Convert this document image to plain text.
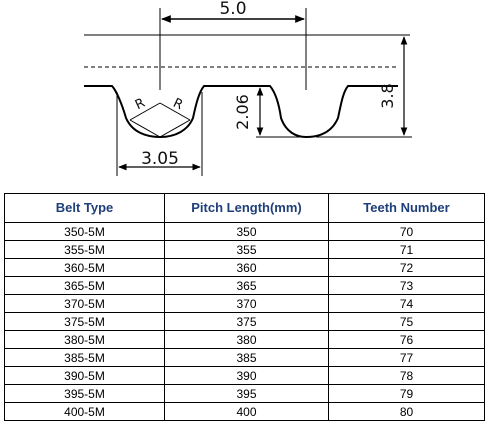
5.0
R R
3.05
2.06	3.8
Belt Type	Pitch Length(mm)	Teeth Number
350-5M	350	70
355-5M	355	71
360-5M	360	72
365-5M	365	73
370-5M	370	74
375-5M	375	75
380-5M	380	76
385-5M	385	77
390-5M	390	78
395-5M	395	79
400-5M	400	80
